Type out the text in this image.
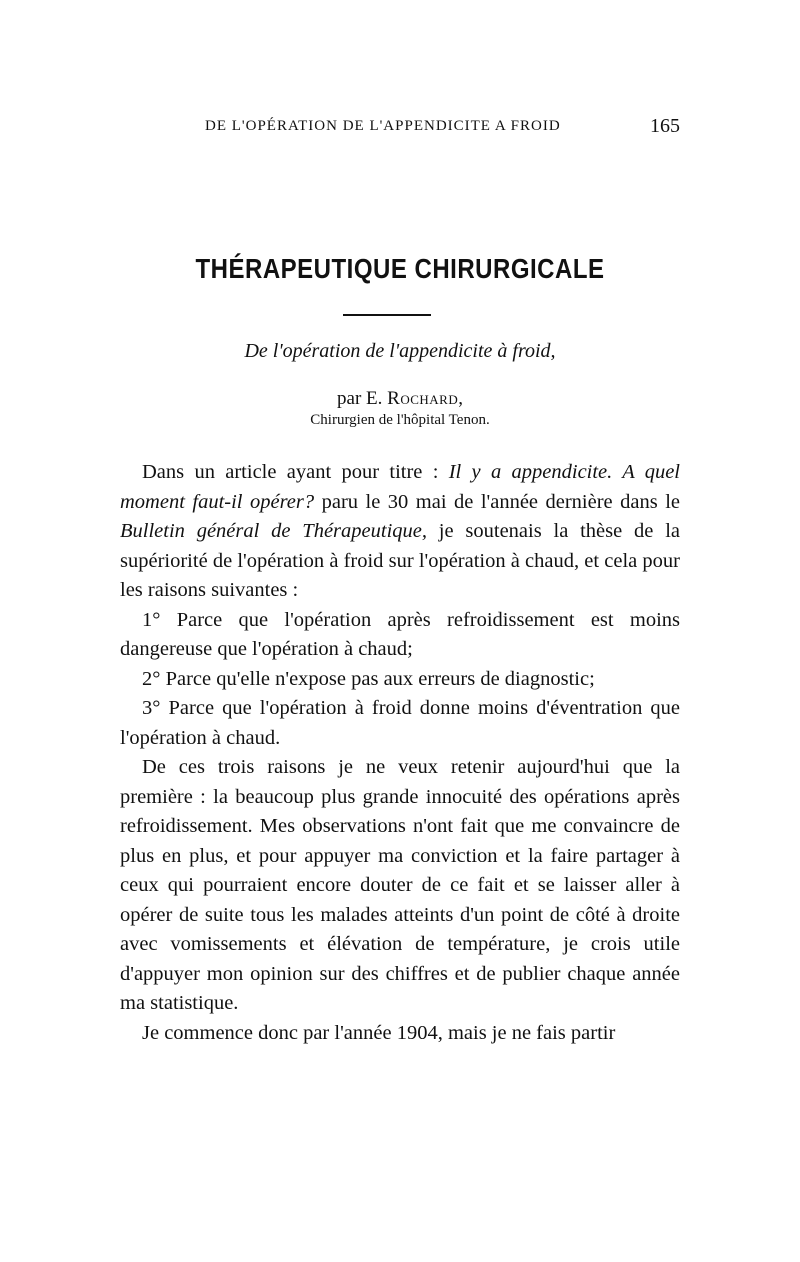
DE L'OPÉRATION DE L'APPENDICITE A FROID	165
THÉRAPEUTIQUE CHIRURGICALE
De l'opération de l'appendicite à froid,
par E. Rochard,
Chirurgien de l'hôpital Tenon.

Dans un article ayant pour titre : Il y a appendicite. A quel moment faut-il opérer? paru le 30 mai de l'année dernière dans le Bulletin général de Thérapeutique, je soutenais la thèse de la supériorité de l'opération à froid sur l'opération à chaud, et cela pour les raisons suivantes :

1° Parce que l'opération après refroidissement est moins dangereuse que l'opération à chaud;

2° Parce qu'elle n'expose pas aux erreurs de diagnostic;

3° Parce que l'opération à froid donne moins d'éventration que l'opération à chaud.

De ces trois raisons je ne veux retenir aujourd'hui que la première : la beaucoup plus grande innocuité des opérations après refroidissement. Mes observations n'ont fait que me convaincre de plus en plus, et pour appuyer ma conviction et la faire partager à ceux qui pourraient encore douter de ce fait et se laisser aller à opérer de suite tous les malades atteints d'un point de côté à droite avec vomissements et élévation de température, je crois utile d'appuyer mon opinion sur des chiffres et de publier chaque année ma statistique.

Je commence donc par l'année 1904, mais je ne fais partir
